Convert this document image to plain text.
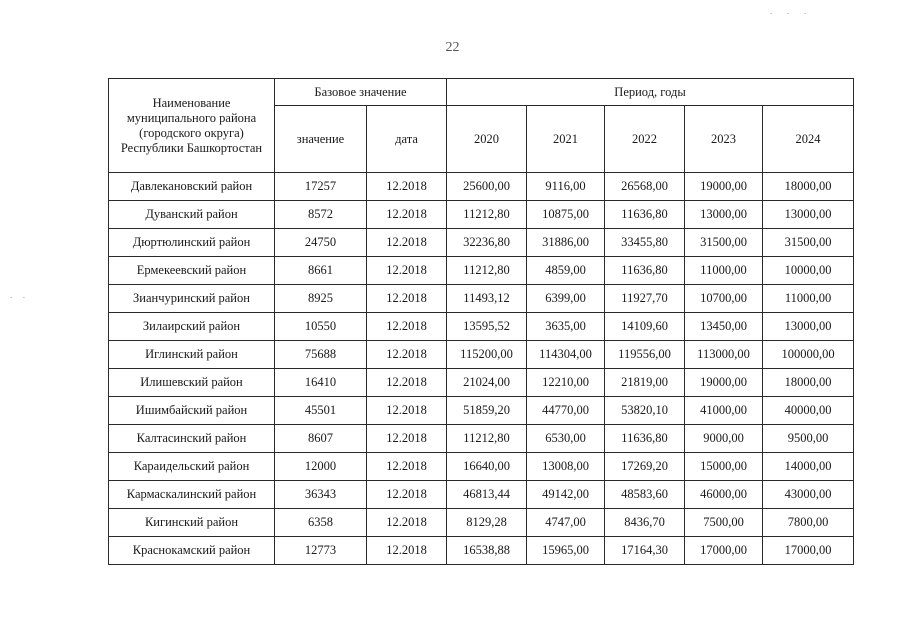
.   .   .
.  .
22
Наименование муниципального района (городского округа) Республики Башкортостан	Базовое значение		Период, годы				
	значение	дата	2020	2021	2022	2023	2024
Давлекановский район	17257	12.2018	25600,00	9116,00	26568,00	19000,00	18000,00
Дуванский район	8572	12.2018	11212,80	10875,00	11636,80	13000,00	13000,00
Дюртюлинский район	24750	12.2018	32236,80	31886,00	33455,80	31500,00	31500,00
Ермекеевский район	8661	12.2018	11212,80	4859,00	11636,80	11000,00	10000,00
Зианчуринский район	8925	12.2018	11493,12	6399,00	11927,70	10700,00	11000,00
Зилаирский район	10550	12.2018	13595,52	3635,00	14109,60	13450,00	13000,00
Иглинский район	75688	12.2018	115200,00	114304,00	119556,00	113000,00	100000,00
Илишевский район	16410	12.2018	21024,00	12210,00	21819,00	19000,00	18000,00
Ишимбайский район	45501	12.2018	51859,20	44770,00	53820,10	41000,00	40000,00
Калтасинский район	8607	12.2018	11212,80	6530,00	11636,80	9000,00	9500,00
Караидельский район	12000	12.2018	16640,00	13008,00	17269,20	15000,00	14000,00
Кармаскалинский район	36343	12.2018	46813,44	49142,00	48583,60	46000,00	43000,00
Кигинский район	6358	12.2018	8129,28	4747,00	8436,70	7500,00	7800,00
Краснокамский район	12773	12.2018	16538,88	15965,00	17164,30	17000,00	17000,00
